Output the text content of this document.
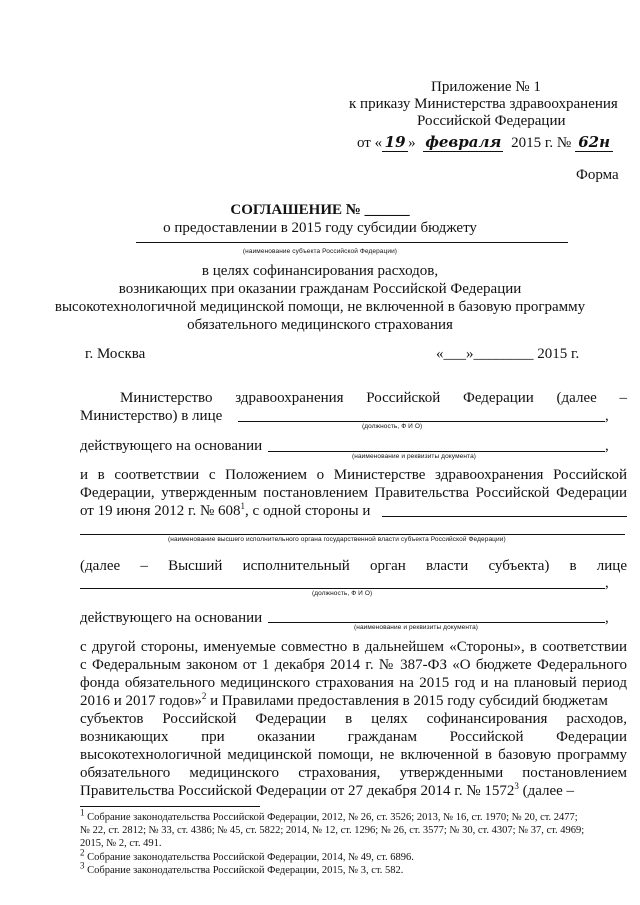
Приложение № 1
к приказу Министерства здравоохранения
Российской Федерации
от « 19 » февраля 2015 г. № 62н
Форма
СОГЛАШЕНИЕ № ______
о предоставлении в 2015 году субсидии бюджету
(наименование субъекта Российской Федерации)
в целях софинансирования расходов,
возникающих при оказании гражданам Российской Федерации
высокотехнологичной медицинской помощи, не включенной в базовую программу
обязательного медицинского страхования
г. Москва	«___»________ 2015 г.
Министерство здравоохранения Российской Федерации (далее –
Министерство) в лице	,
(должность, Ф И О)
действующего на основании	,
(наименование и реквизиты документа)
и в соответствии с Положением о Министерстве здравоохранения Российской
Федерации, утвержденным постановлением Правительства Российской Федерации
от 19 июня 2012 г. № $608^1$, с одной стороны и
(наименование высшего исполнительного органа государственной власти субъекта Российской Федерации)
(далее – Высший исполнительный орган власти субъекта) в лице
,
(должность, Ф И О)
действующего на основании	,
(наименование и реквизиты документа)
с другой стороны, именуемые совместно в дальнейшем «Стороны», в соответствии
с Федеральным законом от 1 декабря 2014 г. № 387-ФЗ «О бюджете Федерального
фонда обязательного медицинского страхования на 2015 год и на плановый период
2016 и 2017 годов»$^2$ и Правилами предоставления в 2015 году субсидий бюджетам
субъектов Российской Федерации в целях софинансирования расходов,
возникающих при оказании гражданам Российской Федерации
высокотехнологичной медицинской помощи, не включенной в базовую программу
обязательного медицинского страхования, утвержденными постановлением
Правительства Российской Федерации от 27 декабря 2014 г. № 1572$^3$ (далее –
$^1$ Собрание законодательства Российской Федерации, 2012, № 26, ст. 3526; 2013, № 16, ст. 1970; № 20, ст. 2477;
№ 22, ст. 2812; № 33, ст. 4386; № 45, ст. 5822; 2014, № 12, ст. 1296; № 26, ст. 3577; № 30, ст. 4307; № 37, ст. 4969;
2015, № 2, ст. 491.
$^2$ Собрание законодательства Российской Федерации, 2014, № 49, ст. 6896.
$^3$ Собрание законодательства Российской Федерации, 2015, № 3, ст. 582.
